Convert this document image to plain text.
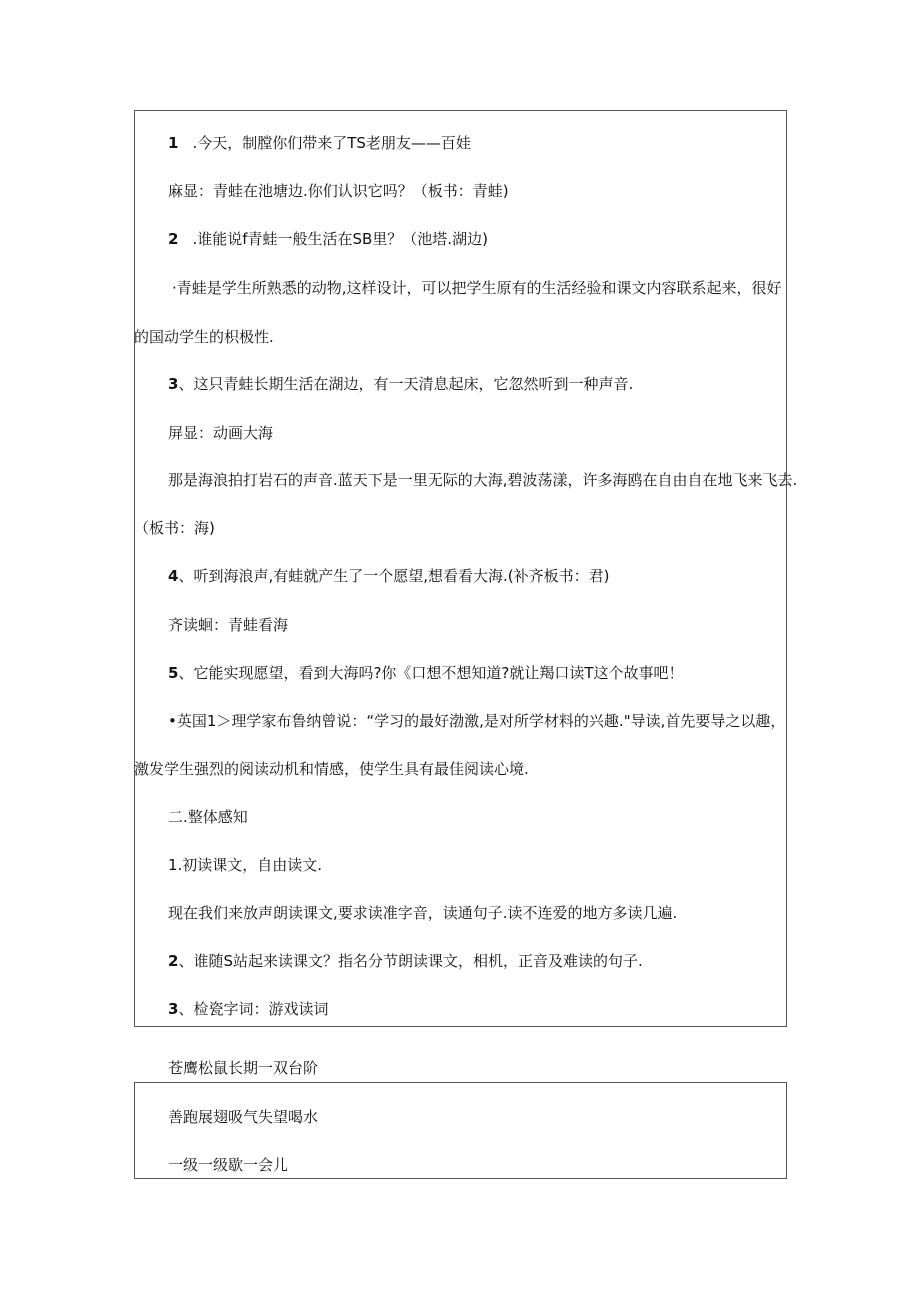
1 .今天，制膛你们带来了TS老朋友——百娃
麻显：青蛙在池塘边.你们认识它吗？（板书：青蛙)
2 .谁能说f青蛙一般生活在SB里？（池塔.湖边)
·青蛙是学生所熟悉的动物,这样设计，可以把学生原有的生活经验和课文内容联系起来，很好
的国动学生的枳极性.
3、这只青蛙长期生活在湖边，有一天清息起床，它忽然听到一种声音.
屏显：动画大海
那是海浪拍打岩石的声音.蓝天下是一里无际的大海,碧波荡漾，许多海鸥在自由自在地飞来飞去.
（板书：海)
4、听到海浪声,有蛙就产生了一个愿望,想看看大海.(补齐板书：君)
齐读蛔：青蛙看海
5、它能实现愿望，看到大海吗?你《口想不想知道?就让羯口读T这个故事吧！
•英国1＞理学家布鲁纳曾说：“学习的最好渤激,是对所学材料的兴趣."导读,首先要导之以趣，
激发学生强烈的阅读动机和情感，使学生具有最佳阅读心境.
二.整体感知
1.初读课文，自由读文.
现在我们来放声朗读课文,要求读准字音，读通句子.读不连爱的地方多读几遍.
2、谁随S站起来读课文？指名分节朗读课文，相机，正音及难读的句子.
3、检瓷字词：游戏读词
苍鹰松鼠长期一双台阶
善跑展翅吸气失望喝水
一级一级歇一会儿
